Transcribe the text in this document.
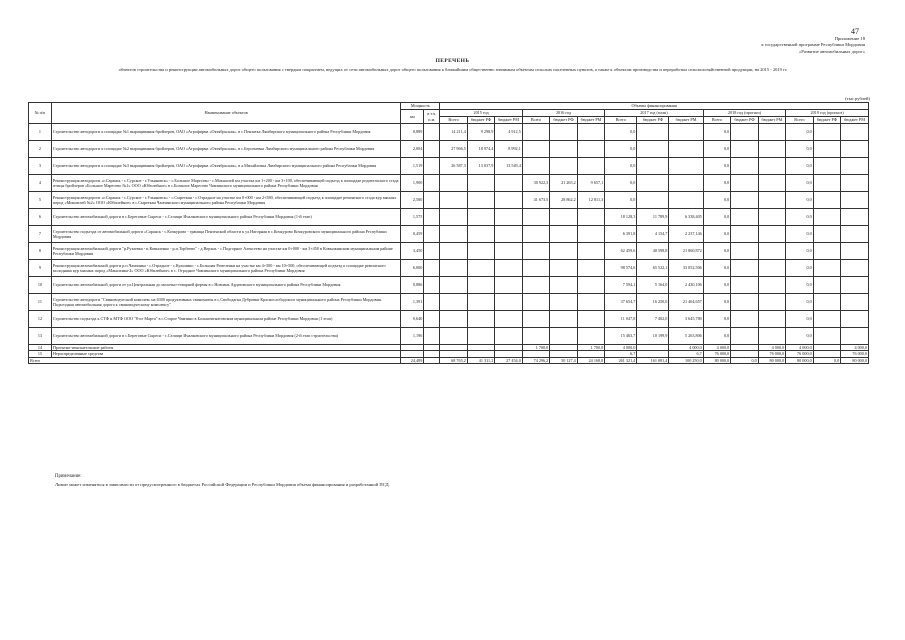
47
Приложение 18
к государственной программе Республики Мордовия
«Развитие автомобильных дорог»
ПЕРЕЧЕНЬ
объектов строительства и реконструкции автомобильных дорог общего пользования с твердым покрытием, ведущих от сети автомобильных дорог общего пользования к ближайшим общественно значимым объектам сельских населенных пунктов, а также к объектам производства и переработки сельскохозяйственной продукции, на 2015 - 2019 гг.
(тыс.рублей)
№ п/п	Наименование объектов	Мощность		Объемы финансирования														
		км	в т.ч. п.м.	2015 год			2016 год			2017 год (план)			2018 год (прогноз)			2019 год (прогноз)		
				Всего	бюджет РФ	бюджет РМ	Всего	бюджет РФ	бюджет РМ	Всего	бюджет РФ	бюджет РМ	Всего	бюджет РФ	бюджет РМ	Всего	бюджет РФ	бюджет РМ
1	Строительство автодороги к площадке №1 выращивания бройлеров, ОАО «Агрофирма «Октябрьская», в с.Пензятка Лямбирского муниципального района Республики Мордовия	0,889		14 211,4	9 298,9	4 912,5				0,0			0,0			0,0		
2	Строительство автодороги к площадке №2 выращивания бройлеров, ОАО «Агрофирма «Октябрьская», в с.Берсеневка Лямбирского муниципального района Республики Мордовия	2,004		27 966,5	18 974,4	8 992,1				0,0			0,0			0,0		
3	Строительство автодороги к площадке №3 выращивания бройлеров, ОАО «Агрофирма «Октябрьская», в а.Михайловка Лямбирского муниципального района Республики Мордовия	1,519		26 587,3	13 037,9	13 549,4				0,0			0,0			0,0		
4	Реконструкция автодороги «г.Саранск - с.Сурское - г.Ульяновск» - с.Большое Маресево - с.Мокшалей км участка км 1+200 - км 3+100, обеспечивающей подъезд к площадке родительского стада птицы бройлеров «Большое Маресево №1» ООО «Юбилейное» в с.Большое Маресево Чамзинского муниципального района Республики Мордовия	1,900					30 922,3	21 265,2	9 657,1	0,0			0,0			0,0		
5	Реконструкция автодороги «г.Саранск - с.Сурское - г.Ульяновск» - с.Сыреткан - с.Отрадное на участке км 0+000 - км 2+580, обеспечивающей подъезд к площадке ремонтного стада кур мясных пород «Мокшелей №2» ООО «Юбилейное» в с.Сыреткан Чамзинского муниципального района Республики Мордовия	2,580					41 673,5	28 862,2	12 811,3	0,0			0,0			0,0		
6	Строительство автомобильной дороги в с.Береговые Сыреси - с.Селищи Ичалковского муниципального района Республики Мордовия (1-й этап)	1,575								18 128,3	11 789,9	6 338,405	0,0			0,0		
7	Строительство подъезда от автомобильной дороги «Саранск - с.Кочкурово - граница Пензенской области к ул.Нагорная в с.Кочкурово Кочкуровского муниципального района Республики Мордовия	0,459								6 391,8	4 154,7	2 237,146	0,0			0,0		
8	Реконструкция автомобильной дороги "р.Рузаевка - п.Ковыленко - р.п.Торбеево" - д.Верхнь - с.Подгорное Алексеево на участке км 0+000 - км 3+450 в Ковылкинском муниципальном районе Республики Мордовия	3,450								62 459,6	40 598,8	21 860,872	0,0			0,0		
9	Реконструкция автомобильной дороги р.п.Чамзинка - с.Отрадное - с.Кульмино - с.Большая Ремезенки на участке км 4+500 - км 10+500, обеспечивающей подъезд к площадке ремонтного молодняка кур мясных пород «Макаленка-2» ООО «Юбилейное» в с. Отрадное Чамзинского муниципального района Республики Мордовия	6,000								98 574,6	65 522,1	33 052,506	0,0			0,0		
10	Строительство автомобильной дороги от ул.Центральная до молочно-товарной фермы в с.Новоань Ардатовского муниципального района Республики Мордовия	0,886								7 594,1	5 164,0	2 430,106	0,0			0,0		
11	Строительство автодороги "Свиноводческий комплекс на 6300 продуктивных свиноматок в с.Свободагка Дубровки Краснослободского муниципального района Республики Мордовия. Подъездная автомобильная дорога к свиноводческому комплексу"	1,391								37 654,7	16 250,0	21 404,657	0,0			0,0		
12	Строительство подъезда к СТФ и МТФ ООО "8-ое Марта" в с.Старое Чамзино в Большеигнатовском муниципальном районе Республики Мордовия (1 этап)	0,640								11 047,8	7 402,0	3 645,780	0,0			0,0		
13	Строительство автомобильной дороги в с.Береговые Сыреси - с.Селищи Ичалковского муниципального района Республики Мордовия (2-й этап строительства)	1,196								15 463,7	10 199,9	5 263,806	0,0			0,0		
14	Проектно-изыскательские работы						1 700,0		1 700,0	4 000,0		4 000,0	4 000,0		4 000,0	4 000,0		4 000,0
15	Нераспределенные средства									6,7		6,7	76 000,0		76 000,0	76 000,0		76 000,0
Всего		24,489		68 765,2	41 311,2	27 454,0	74 296,2	50 127,4	24 168,8	261 321,4	161 081,4	100 250,0	80 000,0	0,0	80 000,0	80 000,0	0,0	80 000,0
Примечание:
Лимит может изменяться в зависимости от предусмотренного в бюджетах Российской Федерации и Республики Мордовия объема финансирования и разработанной ПСД.
